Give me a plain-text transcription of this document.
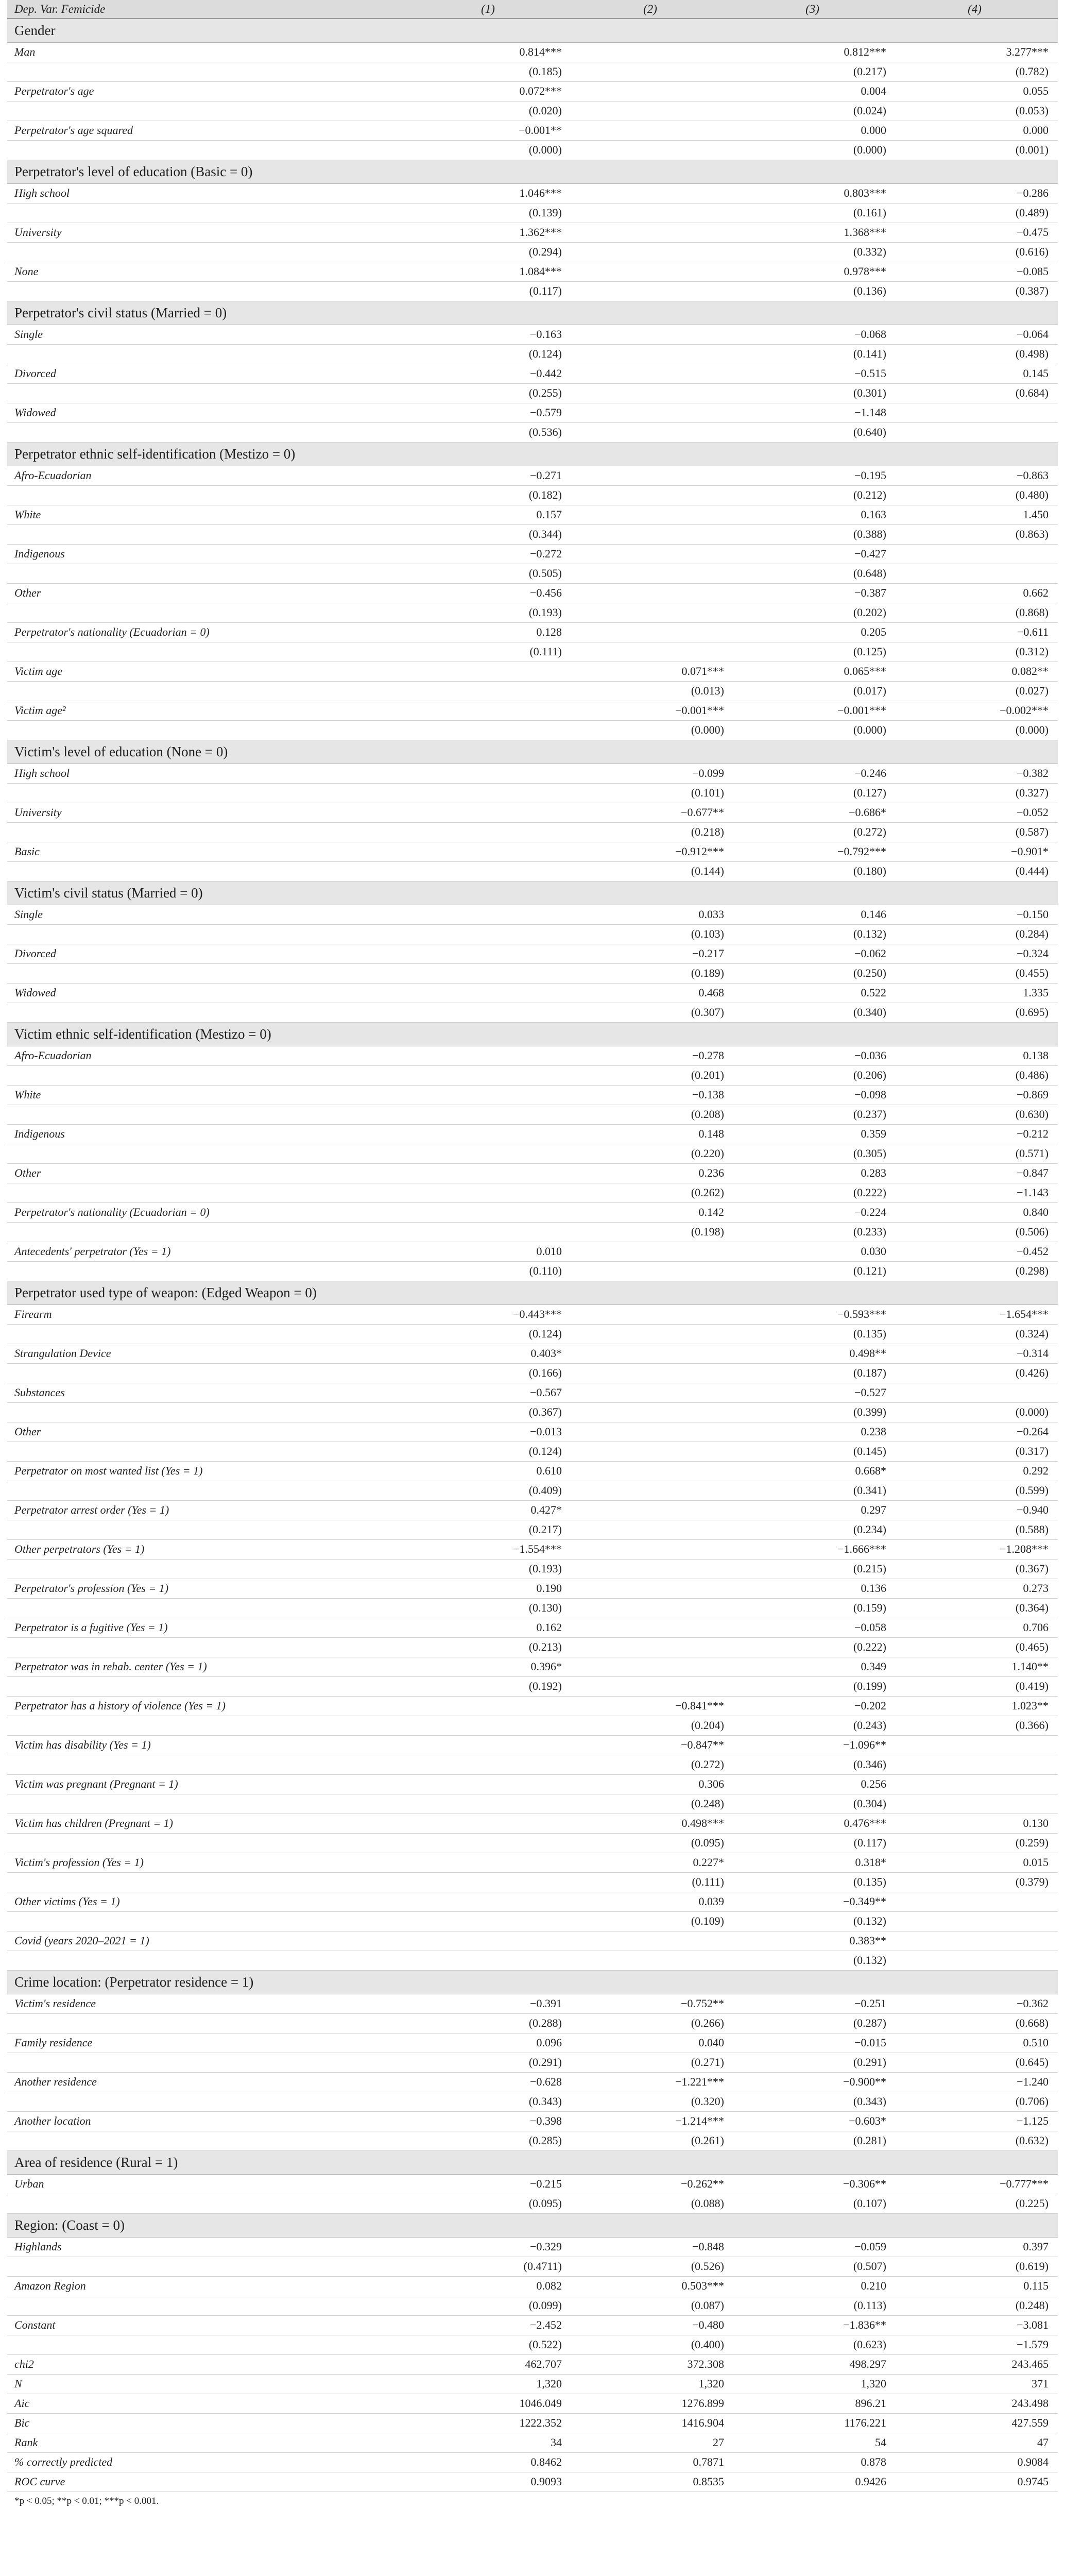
Dep. Var. Femicide	(1)	(2)	(3)	(4)
Gender				
Man	0.814***		0.812***	3.277***
	(0.185)		(0.217)	(0.782)
Perpetrator's age	0.072***		0.004	0.055
	(0.020)		(0.024)	(0.053)
Perpetrator's age squared	−0.001**		0.000	0.000
	(0.000)		(0.000)	(0.001)
Perpetrator's level of education (Basic = 0)				
High school	1.046***		0.803***	−0.286
	(0.139)		(0.161)	(0.489)
University	1.362***		1.368***	−0.475
	(0.294)		(0.332)	(0.616)
None	1.084***		0.978***	−0.085
	(0.117)		(0.136)	(0.387)
Perpetrator's civil status (Married = 0)				
Single	−0.163		−0.068	−0.064
	(0.124)		(0.141)	(0.498)
Divorced	−0.442		−0.515	0.145
	(0.255)		(0.301)	(0.684)
Widowed	−0.579		−1.148	
	(0.536)		(0.640)	
Perpetrator ethnic self-identification (Mestizo = 0)				
Afro-Ecuadorian	−0.271		−0.195	−0.863
	(0.182)		(0.212)	(0.480)
White	0.157		0.163	1.450
	(0.344)		(0.388)	(0.863)
Indigenous	−0.272		−0.427	
	(0.505)		(0.648)	
Other	−0.456		−0.387	0.662
	(0.193)		(0.202)	(0.868)
Perpetrator's nationality (Ecuadorian = 0)	0.128		0.205	−0.611
	(0.111)		(0.125)	(0.312)
Victim age		0.071***	0.065***	0.082**
		(0.013)	(0.017)	(0.027)
Victim age²		−0.001***	−0.001***	−0.002***
		(0.000)	(0.000)	(0.000)
Victim's level of education (None = 0)				
High school		−0.099	−0.246	−0.382
		(0.101)	(0.127)	(0.327)
University		−0.677**	−0.686*	−0.052
		(0.218)	(0.272)	(0.587)
Basic		−0.912***	−0.792***	−0.901*
		(0.144)	(0.180)	(0.444)
Victim's civil status (Married = 0)				
Single		0.033	0.146	−0.150
		(0.103)	(0.132)	(0.284)
Divorced		−0.217	−0.062	−0.324
		(0.189)	(0.250)	(0.455)
Widowed		0.468	0.522	1.335
		(0.307)	(0.340)	(0.695)
Victim ethnic self-identification (Mestizo = 0)				
Afro-Ecuadorian		−0.278	−0.036	0.138
		(0.201)	(0.206)	(0.486)
White		−0.138	−0.098	−0.869
		(0.208)	(0.237)	(0.630)
Indigenous		0.148	0.359	−0.212
		(0.220)	(0.305)	(0.571)
Other		0.236	0.283	−0.847
		(0.262)	(0.222)	−1.143
Perpetrator's nationality (Ecuadorian = 0)		0.142	−0.224	0.840
		(0.198)	(0.233)	(0.506)
Antecedents' perpetrator (Yes = 1)	0.010		0.030	−0.452
	(0.110)		(0.121)	(0.298)
Perpetrator used type of weapon: (Edged Weapon = 0)				
Firearm	−0.443***		−0.593***	−1.654***
	(0.124)		(0.135)	(0.324)
Strangulation Device	0.403*		0.498**	−0.314
	(0.166)		(0.187)	(0.426)
Substances	−0.567		−0.527	
	(0.367)		(0.399)	(0.000)
Other	−0.013		0.238	−0.264
	(0.124)		(0.145)	(0.317)
Perpetrator on most wanted list (Yes = 1)	0.610		0.668*	0.292
	(0.409)		(0.341)	(0.599)
Perpetrator arrest order (Yes = 1)	0.427*		0.297	−0.940
	(0.217)		(0.234)	(0.588)
Other perpetrators (Yes = 1)	−1.554***		−1.666***	−1.208***
	(0.193)		(0.215)	(0.367)
Perpetrator's profession (Yes = 1)	0.190		0.136	0.273
	(0.130)		(0.159)	(0.364)
Perpetrator is a fugitive (Yes = 1)	0.162		−0.058	0.706
	(0.213)		(0.222)	(0.465)
Perpetrator was in rehab. center (Yes = 1)	0.396*		0.349	1.140**
	(0.192)		(0.199)	(0.419)
Perpetrator has a history of violence (Yes = 1)		−0.841***	−0.202	1.023**
		(0.204)	(0.243)	(0.366)
Victim has disability (Yes = 1)		−0.847**	−1.096**	
		(0.272)	(0.346)	
Victim was pregnant (Pregnant = 1)		0.306	0.256	
		(0.248)	(0.304)	
Victim has children (Pregnant = 1)		0.498***	0.476***	0.130
		(0.095)	(0.117)	(0.259)
Victim's profession (Yes = 1)		0.227*	0.318*	0.015
		(0.111)	(0.135)	(0.379)
Other victims (Yes = 1)		0.039	−0.349**	
		(0.109)	(0.132)	
Covid (years 2020–2021 = 1)			0.383**	
			(0.132)	
Crime location: (Perpetrator residence = 1)				
Victim's residence	−0.391	−0.752**	−0.251	−0.362
	(0.288)	(0.266)	(0.287)	(0.668)
Family residence	0.096	0.040	−0.015	0.510
	(0.291)	(0.271)	(0.291)	(0.645)
Another residence	−0.628	−1.221***	−0.900**	−1.240
	(0.343)	(0.320)	(0.343)	(0.706)
Another location	−0.398	−1.214***	−0.603*	−1.125
	(0.285)	(0.261)	(0.281)	(0.632)
Area of residence (Rural = 1)				
Urban	−0.215	−0.262**	−0.306**	−0.777***
	(0.095)	(0.088)	(0.107)	(0.225)
Region: (Coast = 0)				
Highlands	−0.329	−0.848	−0.059	0.397
	(0.4711)	(0.526)	(0.507)	(0.619)
Amazon Region	0.082	0.503***	0.210	0.115
	(0.099)	(0.087)	(0.113)	(0.248)
Constant	−2.452	−0.480	−1.836**	−3.081
	(0.522)	(0.400)	(0.623)	−1.579
chi2	462.707	372.308	498.297	243.465
N	1,320	1,320	1,320	371
Aic	1046.049	1276.899	896.21	243.498
Bic	1222.352	1416.904	1176.221	427.559
Rank	34	27	54	47
% correctly predicted	0.8462	0.7871	0.878	0.9084
ROC curve	0.9093	0.8535	0.9426	0.9745
*p < 0.05; **p < 0.01; ***p < 0.001.				
